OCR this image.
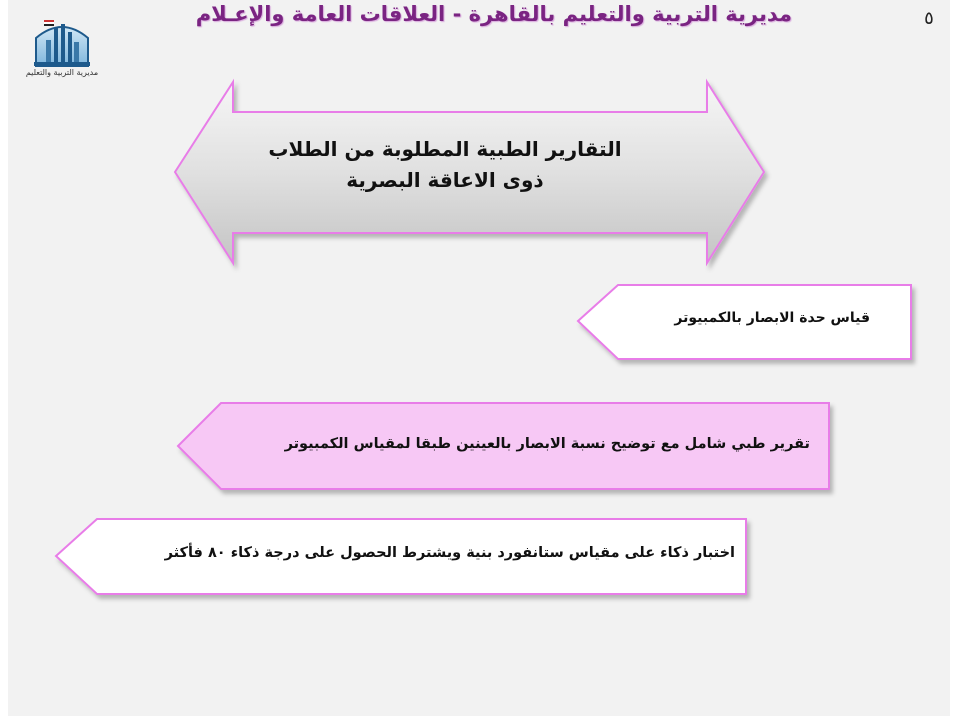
مديرية التربية والتعليم بالقاهرة - العلاقات العامة والإعـلام	٥
مديرية التربية والتعليم
التقارير الطبية المطلوبة من الطلاب
ذوى الاعاقة البصرية
قياس حدة الابصار بالكمبيوتر
تقرير طبي شامل مع توضيح نسبة الابصار بالعينين طبقا لمقياس الكمبيوتر
اختبار ذكاء على مقياس ستانفورد بنية ويشترط الحصول على درجة ذكاء ٨٠ فأكثر
